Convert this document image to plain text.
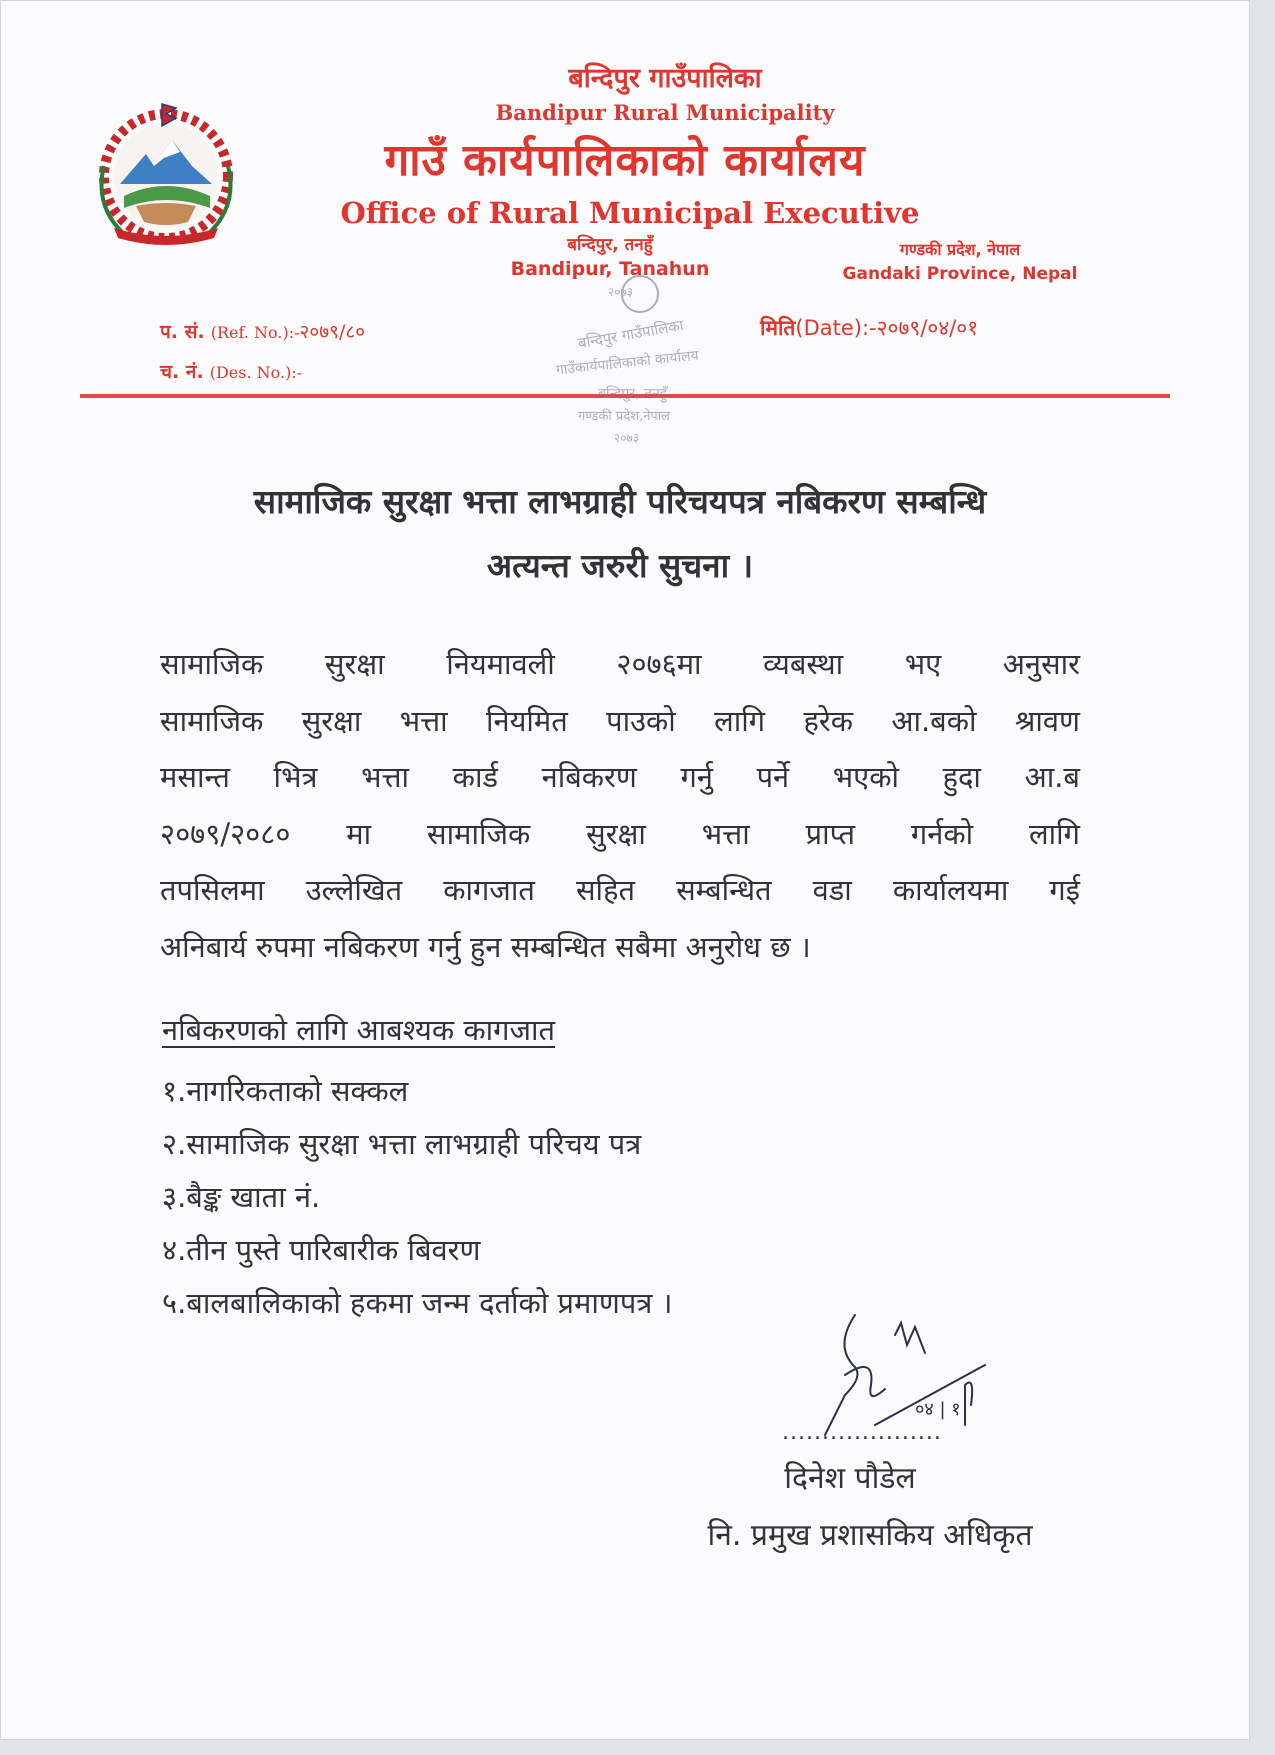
बन्दिपुर गाउँपालिका
Bandipur Rural Municipality
गाउँ कार्यपालिकाको कार्यालय
Office of Rural Municipal Executive
बन्दिपुर, तनहुँ
Bandipur, Tanahun
गण्डकी प्रदेश, नेपाल
Gandaki Province, Nepal
प. सं. (Ref. No.):-२०७९/८०
च. नं. (Des. No.):-
मिति(Date):-२०७९/०४/०१
२०७३
बन्दिपुर गाउँपालिका
गाउँकार्यपालिकाको कार्यालय
बन्दिपुर, तनहुँ
गण्डकी प्रदेश,नेपाल
२०७३
सामाजिक सुरक्षा भत्ता लाभग्राही परिचयपत्र नबिकरण सम्बन्धि
अत्यन्त जरुरी सुचना ।
सामाजिक सुरक्षा नियमावली २०७६मा व्यबस्था भए अनुसार
सामाजिक सुरक्षा भत्ता नियमित पाउको लागि हरेक आ.बको श्रावण
मसान्त भित्र भत्ता कार्ड नबिकरण गर्नु पर्ने भएको हुदा आ.ब
२०७९/२०८० मा सामाजिक सुरक्षा भत्ता प्राप्त गर्नको लागि
तपसिलमा उल्लेखित कागजात सहित सम्बन्धित वडा कार्यालयमा गई
अनिबार्य रुपमा नबिकरण गर्नु हुन सम्बन्धित सबैमा अनुरोध छ ।
नबिकरणको लागि आबश्यक कागजात
१.नागरिकताको सक्कल
२.सामाजिक सुरक्षा भत्ता लाभग्राही परिचय पत्र
३.बैङ्क खाता नं.
४.तीन पुस्ते पारिबारीक बिवरण
५.बालबालिकाको हकमा जन्म दर्ताको प्रमाणपत्र ।
०४ | १
....................
दिनेश पौडेल
नि. प्रमुख प्रशासकिय अधिकृत
